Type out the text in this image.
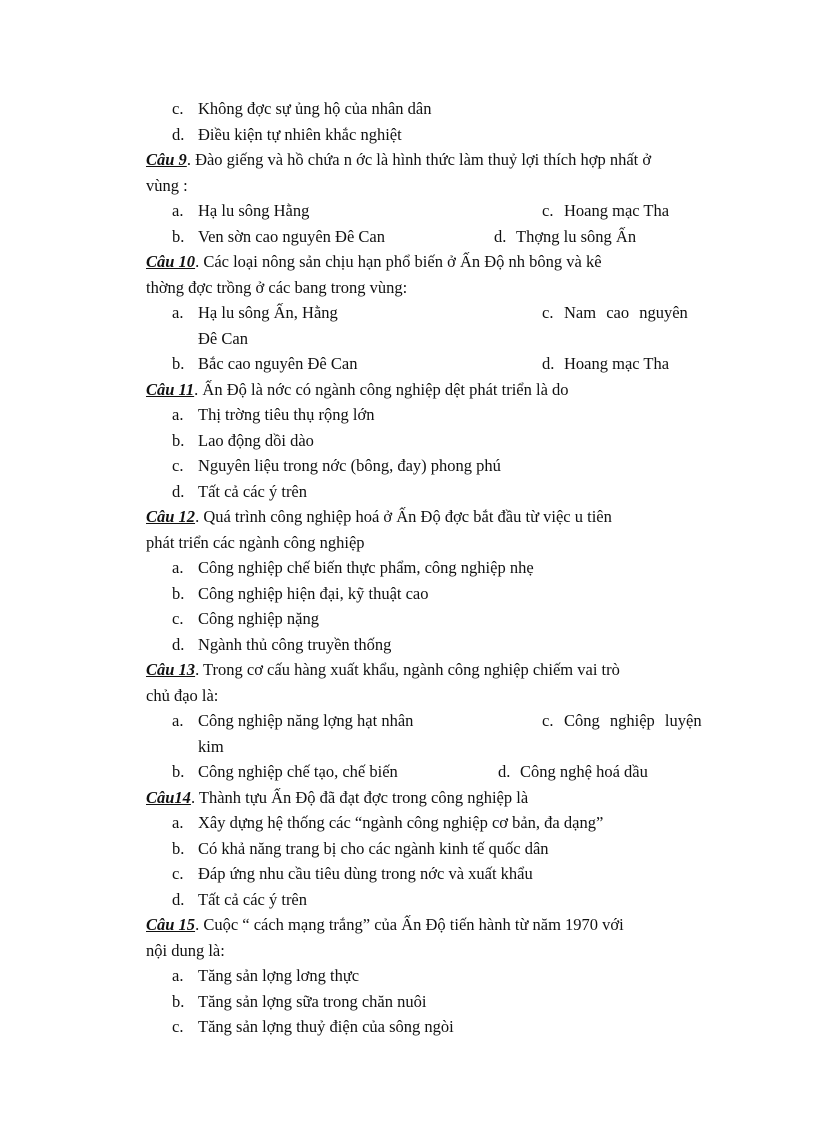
c. Không đợc sự ủng hộ của nhân dân
d. Điều kiện tự nhiên khắc nghiệt
Câu 9. Đào giếng và hồ chứa n ớc là hình thức làm thuỷ lợi thích hợp nhất ở
vùng :
a. Hạ lu sông Hằng	c. Hoang mạc Tha
b. Ven sờn cao nguyên Đê Can	d. Thợng lu sông Ấn
Câu 10. Các loại nông sản chịu hạn phổ biến ở Ấn Độ nh bông và kê
thờng đợc trồng ở các bang trong vùng:
a. Hạ lu sông Ấn, Hằng	c. Nam cao nguyên
Đê Can
b. Bắc cao nguyên Đê Can	d. Hoang mạc Tha
Câu 11. Ấn Độ là nớc có ngành công nghiệp dệt phát triển là do
a. Thị trờng tiêu thụ rộng lớn
b. Lao động dồi dào
c. Nguyên liệu trong nớc (bông, đay) phong phú
d. Tất cả các ý trên
Câu 12. Quá trình công nghiệp hoá ở Ấn Độ đợc bắt đầu từ việc u tiên
phát triển các ngành công nghiệp
a. Công nghiệp chế biến thực phẩm, công nghiệp nhẹ
b. Công nghiệp hiện đại, kỹ thuật cao
c. Công nghiệp nặng
d. Ngành thủ công truyền thống
Câu 13. Trong cơ cấu hàng xuất khẩu, ngành công nghiệp chiếm vai trò
chủ đạo là:
a. Công nghiệp năng lợng hạt nhân	c. Công nghiệp luyện
kim
b. Công nghiệp chế tạo, chế biến	d. Công nghệ hoá dầu
Câu14. Thành tựu Ấn Độ đã đạt đợc trong công nghiệp là
a. Xây dựng hệ thống các “ngành công nghiệp cơ bản, đa dạng”
b. Có khả năng trang bị cho các ngành kinh tế quốc dân
c. Đáp ứng nhu cầu tiêu dùng trong nớc và xuất khẩu
d. Tất cả các ý trên
Câu 15. Cuộc “ cách mạng trắng” của Ấn Độ tiến hành từ năm 1970 với
nội dung là:
a. Tăng sản lợng lơng thực
b. Tăng sản lợng sữa trong chăn nuôi
c. Tăng sản lợng thuỷ điện của sông ngòi
